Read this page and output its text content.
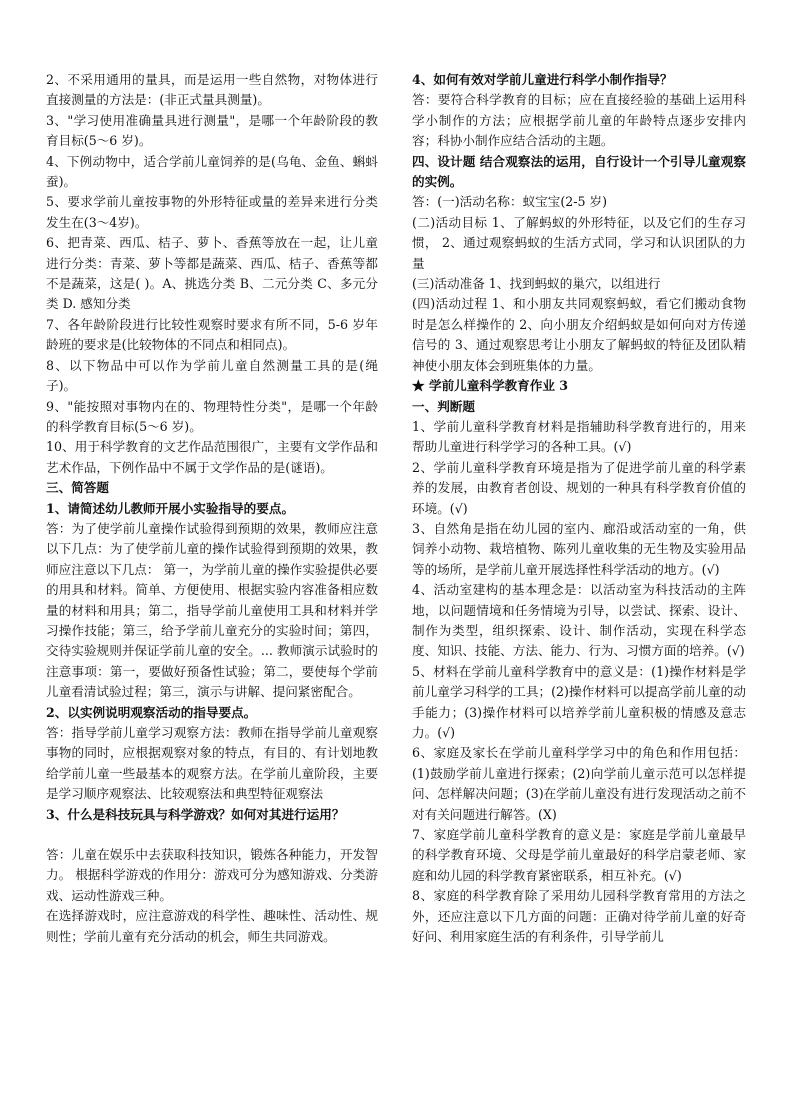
2、不采用通用的量具，而是运用一些自然物，对物体进行直接测量的方法是：(非正式量具测量)。

3、"学习使用准确量具进行测量"，是哪一个年龄阶段的教育目标(5～6 岁)。

4、下例动物中，适合学前儿童饲养的是(乌龟、金鱼、蝌蚪 蚕)。

5、要求学前儿童按事物的外形特征或量的差异来进行分类发生在(3～4岁)。

6、把青菜、西瓜、桔子、萝卜、香蕉等放在一起，让儿童进行分类：青菜、萝卜等都是蔬菜、西瓜、桔子、香蕉等都不是蔬菜，这是( )。A、挑选分类 B、二元分类 C、多元分类 D. 感知分类

7、各年龄阶段进行比较性观察时要求有所不同，5-6 岁年龄班的要求是(比较物体的不同点和相同点)。

8、以下物品中可以作为学前儿童自然测量工具的是(绳子)。

9、"能按照对事物内在的、物理特性分类"，是哪一个年龄的科学教育目标(5～6 岁)。

10、用于科学教育的文艺作品范围很广，主要有文学作品和艺术作品，下例作品中不属于文学作品的是(谜语)。

三、简答题

1、请简述幼儿教师开展小实验指导的要点。

答：为了使学前儿童操作试验得到预期的效果，教师应注意以下几点：为了使学前儿童的操作试验得到预期的效果，教师应注意以下几点： 第一，为学前儿童的操作实验提供必要的用具和材料。简单、方便使用、根据实验内容准备相应数量的材料和用具；第二，指导学前儿童使用工具和材料并学习操作技能；第三，给予学前儿童充分的实验时间；第四，交待实验规则并保证学前儿童的安全。... 教师演示试验时的注意事项：第一，要做好预备性试验；第二，要使每个学前儿童看清试验过程；第三，演示与讲解、提问紧密配合。

2、以实例说明观察活动的指导要点。

答：指导学前儿童学习观察方法：教师在指导学前儿童观察事物的同时，应根据观察对象的特点，有目的、有计划地教给学前儿童一些最基本的观察方法。在学前儿童阶段，主要是学习顺序观察法、比较观察法和典型特征观察法

3、什么是科技玩具与科学游戏？如何对其进行运用？

答：儿童在娱乐中去获取科技知识，锻炼各种能力，开发智力。 根据科学游戏的作用分：游戏可分为感知游戏、分类游戏、运动性游戏三种。

在选择游戏时，应注意游戏的科学性、趣味性、活动性、规则性；学前儿童有充分活动的机会，师生共同游戏。

4、如何有效对学前儿童进行科学小制作指导？

答：要符合科学教育的目标；应在直接经验的基础上运用科学小制作的方法；应根据学前儿童的年龄特点逐步安排内容；科协小制作应结合活动的主题。

四、设计题 结合观察法的运用，自行设计一个引导儿童观察的实例。

答：(一)活动名称：蚁宝宝(2-5 岁)

(二)活动目标 1、了解蚂蚁的外形特征，以及它们的生存习惯， 2、通过观察蚂蚁的生活方式同，学习和认识团队的力量

(三)活动准备 1、找到蚂蚁的巢穴，以组进行

(四)活动过程 1、和小朋友共同观察蚂蚁，看它们搬动食物时是怎么样操作的 2、向小朋友介绍蚂蚁是如何向对方传递信号的 3、通过观察思考让小朋友了解蚂蚁的特征及团队精神使小朋友体会到班集体的力量。

★ 学前儿童科学教育作业 3

一、判断题

1、学前儿童科学教育材料是指辅助科学教育进行的，用来帮助儿童进行科学学习的各种工具。(√)

2、学前儿童科学教育环境是指为了促进学前儿童的科学素养的发展，由教育者创设、规划的一种具有科学教育价值的环境。(√)

3、自然角是指在幼儿园的室内、廊沿或活动室的一角，供饲养小动物、栽培植物、陈列儿童收集的无生物及实验用品等的场所，是学前儿童开展选择性科学活动的地方。(√)

4、活动室建构的基本理念是：以活动室为科技活动的主阵地，以问题情境和任务情境为引导，以尝试、探索、设计、制作为类型，组织探索、设计、制作活动，实现在科学态度、知识、技能、方法、能力、行为、习惯方面的培养。(√)

5、材料在学前儿童科学教育中的意义是：(1)操作材料是学前儿童学习科学的工具；(2)操作材料可以提高学前儿童的动手能力；(3)操作材料可以培养学前儿童积极的情感及意志力。(√)

6、家庭及家长在学前儿童科学学习中的角色和作用包括：(1)鼓励学前儿童进行探索；(2)向学前儿童示范可以怎样提问、怎样解决问题；(3)在学前儿童没有进行发现活动之前不对有关问题进行解答。(X)

7、家庭学前儿童科学教育的意义是：家庭是学前儿童最早的科学教育环境、父母是学前儿童最好的科学启蒙老师、家庭和幼儿园的科学教育紧密联系，相互补充。(√)

8、家庭的科学教育除了采用幼儿园科学教育常用的方法之外，还应注意以下几方面的问题：正确对待学前儿童的好奇好问、利用家庭生活的有利条件，引导学前儿
